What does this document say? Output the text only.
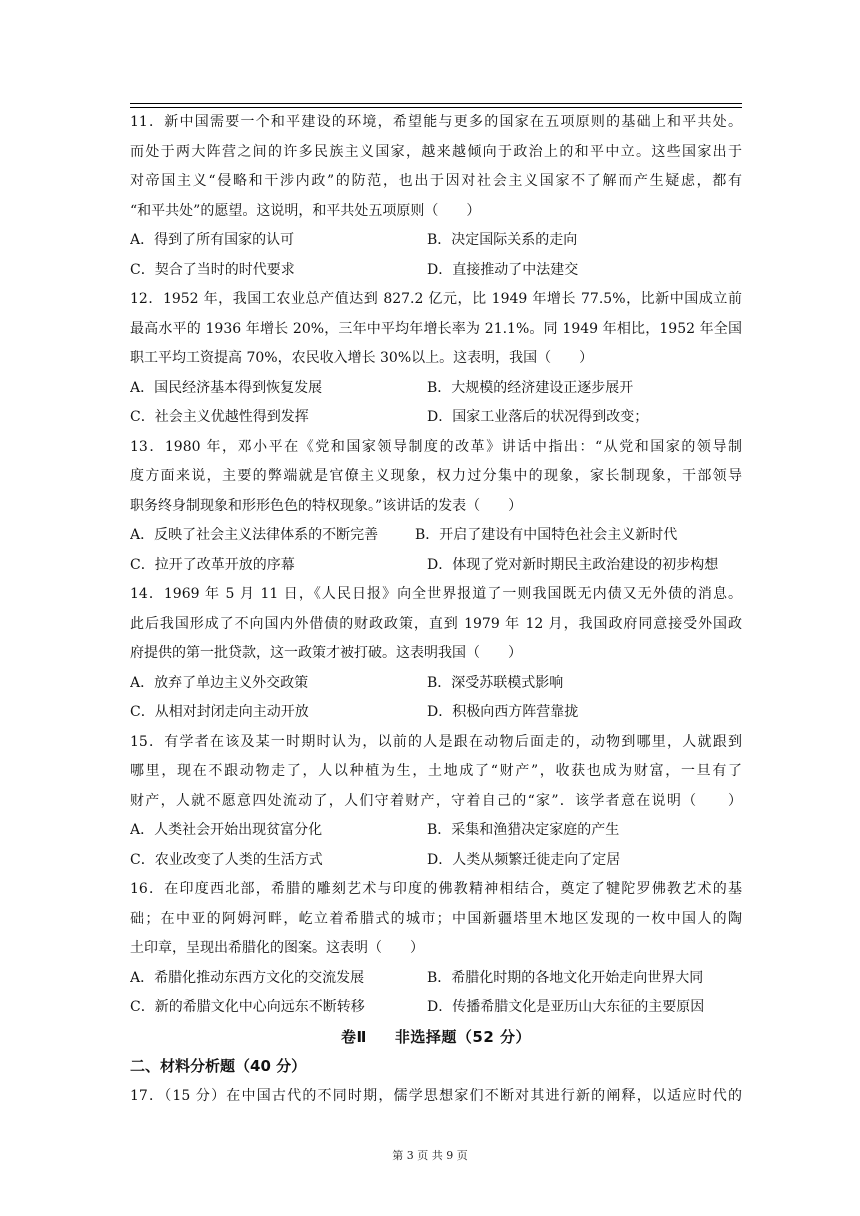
11．新中国需要一个和平建设的环境，希望能与更多的国家在五项原则的基础上和平共处。
而处于两大阵营之间的许多民族主义国家，越来越倾向于政治上的和平中立。这些国家出于
对帝国主义“侵略和干涉内政”的防范，也出于因对社会主义国家不了解而产生疑虑，都有
“和平共处”的愿望。这说明，和平共处五项原则（　　）
A．得到了所有国家的认可	B．决定国际关系的走向
C．契合了当时的时代要求	D．直接推动了中法建交
12．1952 年，我国工农业总产值达到 827.2 亿元，比 1949 年增长 77.5%，比新中国成立前
最高水平的 1936 年增长 20%，三年中平均年增长率为 21.1%。同 1949 年相比，1952 年全国
职工平均工资提高 70%，农民收入增长 30%以上。这表明，我国（　　）
A．国民经济基本得到恢复发展	B．大规模的经济建设正逐步展开
C．社会主义优越性得到发挥	D．国家工业落后的状况得到改变；
13．1980 年，邓小平在《党和国家领导制度的改革》讲话中指出：“从党和国家的领导制
度方面来说，主要的弊端就是官僚主义现象，权力过分集中的现象，家长制现象，干部领导
职务终身制现象和形形色色的特权现象。”该讲话的发表（　　）
A．反映了社会主义法律体系的不断完善	B．开启了建设有中国特色社会主义新时代
C．拉开了改革开放的序幕	D．体现了党对新时期民主政治建设的初步构想
14．1969 年 5 月 11 日，《人民日报》向全世界报道了一则我国既无内债又无外债的消息。
此后我国形成了不向国内外借债的财政政策，直到 1979 年 12 月，我国政府同意接受外国政
府提供的第一批贷款，这一政策才被打破。这表明我国（　　）
A．放弃了单边主义外交政策	B．深受苏联模式影响
C．从相对封闭走向主动开放	D．积极向西方阵营靠拢
15．有学者在该及某一时期时认为，以前的人是跟在动物后面走的，动物到哪里，人就跟到
哪里，现在不跟动物走了，人以种植为生，土地成了“财产”，收获也成为财富，一旦有了
财产，人就不愿意四处流动了，人们守着财产，守着自己的“家”．该学者意在说明（　　）
A．人类社会开始出现贫富分化	B．采集和渔猎决定家庭的产生
C．农业改变了人类的生活方式	D．人类从频繁迁徙走向了定居
16．在印度西北部，希腊的雕刻艺术与印度的佛教精神相结合，奠定了犍陀罗佛教艺术的基
础；在中亚的阿姆河畔，屹立着希腊式的城市；中国新疆塔里木地区发现的一枚中国人的陶
土印章，呈现出希腊化的图案。这表明（　　）
A．希腊化推动东西方文化的交流发展	B．希腊化时期的各地文化开始走向世界大同
C．新的希腊文化中心向远东不断转移	D．传播希腊文化是亚历山大东征的主要原因
卷Ⅱ 非选择题（52 分）
二、材料分析题（40 分）
17．（15 分）在中国古代的不同时期，儒学思想家们不断对其进行新的阐释，以适应时代的
第 3 页 共 9 页
